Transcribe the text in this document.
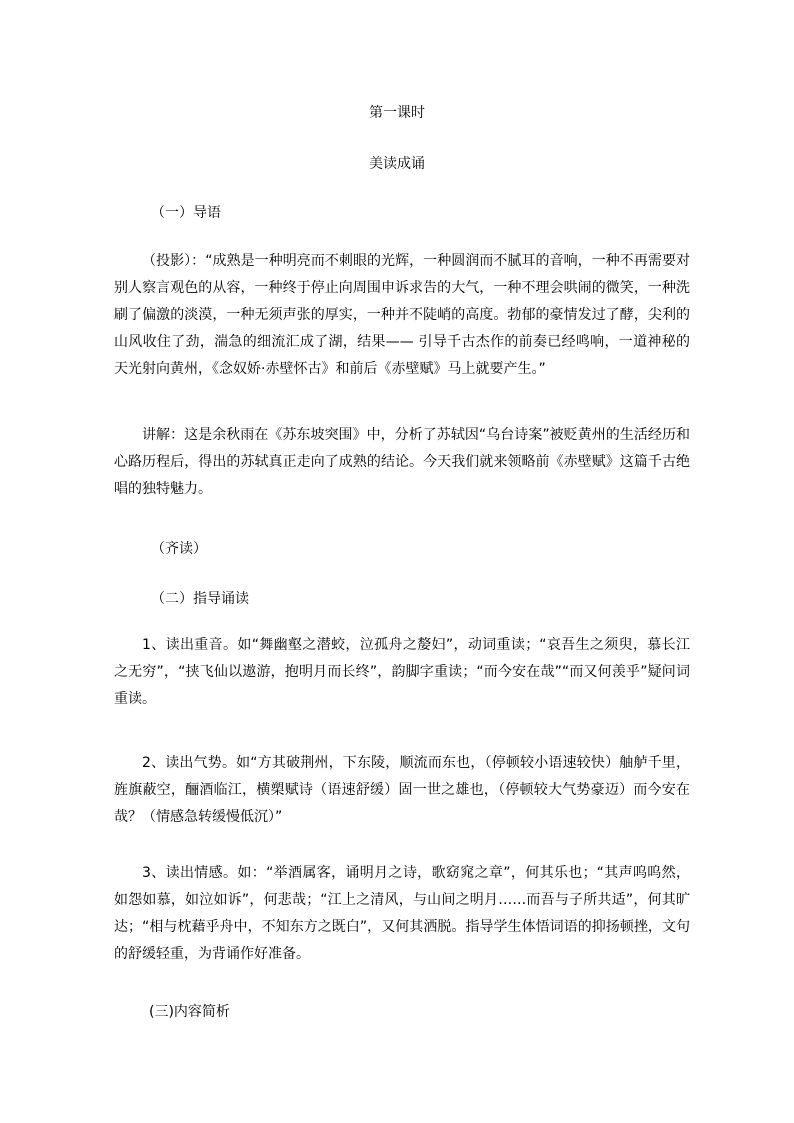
第一课时
美读成诵
（一）导语

（投影）：“成熟是一种明亮而不刺眼的光辉，一种圆润而不腻耳的音响，一种不再需要对别人察言观色的从容，一种终于停止向周围申诉求告的大气，一种不理会哄闹的微笑，一种洗刷了偏激的淡漠，一种无须声张的厚实，一种并不陡峭的高度。勃郁的豪情发过了酵，尖利的山风收住了劲，湍急的细流汇成了湖，结果—— 引导千古杰作的前奏已经鸣响，一道神秘的天光射向黄州，《念奴娇·赤壁怀古》和前后《赤壁赋》马上就要产生。”

讲解：这是余秋雨在《苏东坡突围》中，分析了苏轼因“乌台诗案”被贬黄州的生活经历和心路历程后，得出的苏轼真正走向了成熟的结论。今天我们就来领略前《赤壁赋》这篇千古绝唱的独特魅力。

（齐读）
（二）指导诵读

1、读出重音。如“舞幽壑之潜蛟，泣孤舟之嫠妇”，动词重读；“哀吾生之须臾，慕长江之无穷”，“挟飞仙以遨游，抱明月而长终”，韵脚字重读；“而今安在哉”“而又何羡乎”疑问词重读。

2、读出气势。如“方其破荆州，下东陵，顺流而东也，（停顿较小语速较快）舳舻千里，旌旗蔽空，酾酒临江，横槊赋诗（语速舒缓）固一世之雄也，（停顿较大气势豪迈）而今安在哉？（情感急转缓慢低沉）”

3、读出情感。如：“举酒属客，诵明月之诗，歌窈窕之章”，何其乐也；“其声呜呜然，如怨如慕，如泣如诉”，何悲哉；“江上之清风，与山间之明月……而吾与子所共适”，何其旷达；“相与枕藉乎舟中，不知东方之既白”，又何其洒脱。指导学生体悟词语的抑扬顿挫，文句的舒缓轻重，为背诵作好准备。

(三)内容简析
